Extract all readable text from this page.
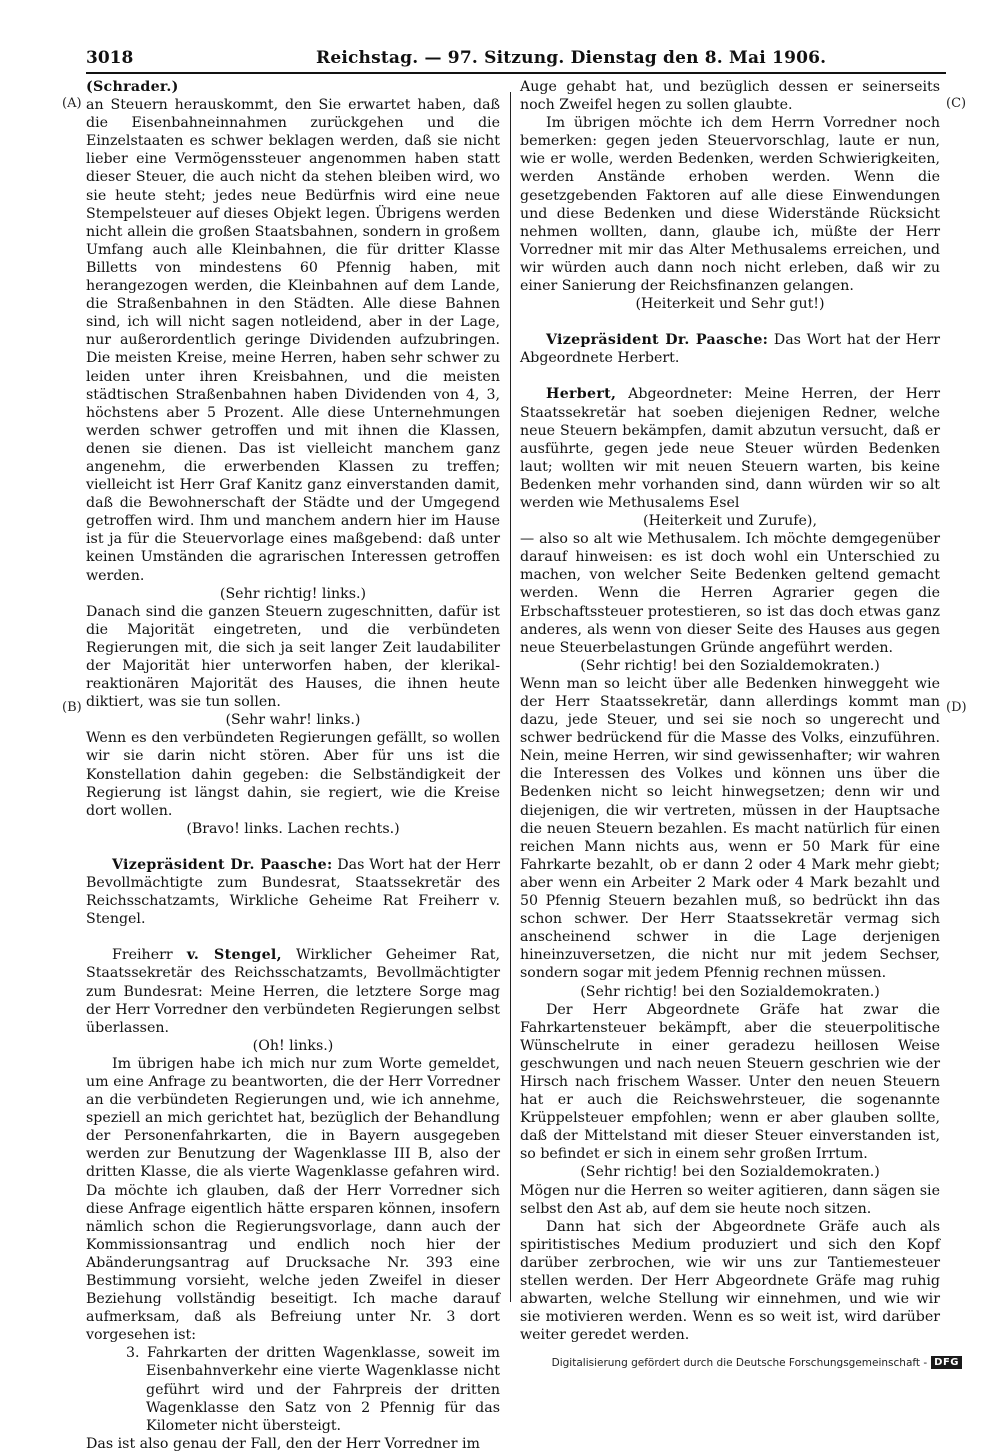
3018	Reichstag. — 97. Sitzung. Dienstag den 8. Mai 1906.
(A)
(B)
(C)
(D)

(Schrader.)

an Steuern herauskommt, den Sie erwartet haben, daß die Eisenbahneinnahmen zurückgehen und die Einzelstaaten es schwer beklagen werden, daß sie nicht lieber eine Vermögenssteuer angenommen haben statt dieser Steuer, die auch nicht da stehen bleiben wird, wo sie heute steht; jedes neue Bedürfnis wird eine neue Stempelsteuer auf dieses Objekt legen. Übrigens werden nicht allein die großen Staatsbahnen, sondern in großem Umfang auch alle Kleinbahnen, die für dritter Klasse Billetts von mindestens 60 Pfennig haben, mit herangezogen werden, die Kleinbahnen auf dem Lande, die Straßenbahnen in den Städten. Alle diese Bahnen sind, ich will nicht sagen notleidend, aber in der Lage, nur außerordentlich geringe Dividenden aufzubringen. Die meisten Kreise, meine Herren, haben sehr schwer zu leiden unter ihren Kreisbahnen, und die meisten städtischen Straßenbahnen haben Dividenden von 4, 3, höchstens aber 5 Prozent. Alle diese Unternehmungen werden schwer getroffen und mit ihnen die Klassen, denen sie dienen. Das ist vielleicht manchem ganz angenehm, die erwerbenden Klassen zu treffen; vielleicht ist Herr Graf Kanitz ganz einverstanden damit, daß die Bewohnerschaft der Städte und der Umgegend getroffen wird. Ihm und manchem andern hier im Hause ist ja für die Steuervorlage eines maßgebend: daß unter keinen Umständen die agrarischen Interessen getroffen werden.

(Sehr richtig! links.)

Danach sind die ganzen Steuern zugeschnitten, dafür ist die Majorität eingetreten, und die verbündeten Regierungen mit, die sich ja seit langer Zeit laudabiliter der Majorität hier unterworfen haben, der klerikal-reaktionären Majorität des Hauses, die ihnen heute diktiert, was sie tun sollen.

(Sehr wahr! links.)

Wenn es den verbündeten Regierungen gefällt, so wollen wir sie darin nicht stören. Aber für uns ist die Konstellation dahin gegeben: die Selbständigkeit der Regierung ist längst dahin, sie regiert, wie die Kreise dort wollen.

(Bravo! links. Lachen rechts.)

Vizepräsident Dr. Paasche: Das Wort hat der Herr Bevollmächtigte zum Bundesrat, Staatssekretär des Reichsschatzamts, Wirkliche Geheime Rat Freiherr v. Stengel.

Freiherr v. Stengel, Wirklicher Geheimer Rat, Staatssekretär des Reichsschatzamts, Bevollmächtigter zum Bundesrat: Meine Herren, die letztere Sorge mag der Herr Vorredner den verbündeten Regierungen selbst überlassen.

(Oh! links.)

Im übrigen habe ich mich nur zum Worte gemeldet, um eine Anfrage zu beantworten, die der Herr Vorredner an die verbündeten Regierungen und, wie ich annehme, speziell an mich gerichtet hat, bezüglich der Behandlung der Personenfahrkarten, die in Bayern ausgegeben werden zur Benutzung der Wagenklasse III B, also der dritten Klasse, die als vierte Wagenklasse gefahren wird. Da möchte ich glauben, daß der Herr Vorredner sich diese Anfrage eigentlich hätte ersparen können, insofern nämlich schon die Regierungsvorlage, dann auch der Kommissionsantrag und endlich noch hier der Abänderungsantrag auf Drucksache Nr. 393 eine Bestimmung vorsieht, welche jeden Zweifel in dieser Beziehung vollständig beseitigt. Ich mache darauf aufmerksam, daß als Befreiung unter Nr. 3 dort vorgesehen ist:

3. Fahrkarten der dritten Wagenklasse, soweit im Eisenbahnverkehr eine vierte Wagenklasse nicht geführt wird und der Fahrpreis der dritten Wagenklasse den Satz von 2 Pfennig für das Kilometer nicht übersteigt.

Das ist also genau der Fall, den der Herr Vorredner im

Auge gehabt hat, und bezüglich dessen er seinerseits noch Zweifel hegen zu sollen glaubte.

Im übrigen möchte ich dem Herrn Vorredner noch bemerken: gegen jeden Steuervorschlag, laute er nun, wie er wolle, werden Bedenken, werden Schwierigkeiten, werden Anstände erhoben werden. Wenn die gesetzgebenden Faktoren auf alle diese Einwendungen und diese Bedenken und diese Widerstände Rücksicht nehmen wollten, dann, glaube ich, müßte der Herr Vorredner mit mir das Alter Methusalems erreichen, und wir würden auch dann noch nicht erleben, daß wir zu einer Sanierung der Reichsfinanzen gelangen.

(Heiterkeit und Sehr gut!)

Vizepräsident Dr. Paasche: Das Wort hat der Herr Abgeordnete Herbert.

Herbert, Abgeordneter: Meine Herren, der Herr Staatssekretär hat soeben diejenigen Redner, welche neue Steuern bekämpfen, damit abzutun versucht, daß er ausführte, gegen jede neue Steuer würden Bedenken laut; wollten wir mit neuen Steuern warten, bis keine Bedenken mehr vorhanden sind, dann würden wir so alt werden wie Methusalems Esel

(Heiterkeit und Zurufe),

— also so alt wie Methusalem. Ich möchte demgegenüber darauf hinweisen: es ist doch wohl ein Unterschied zu machen, von welcher Seite Bedenken geltend gemacht werden. Wenn die Herren Agrarier gegen die Erbschaftssteuer protestieren, so ist das doch etwas ganz anderes, als wenn von dieser Seite des Hauses aus gegen neue Steuerbelastungen Gründe angeführt werden.

(Sehr richtig! bei den Sozialdemokraten.)

Wenn man so leicht über alle Bedenken hinweggeht wie der Herr Staatssekretär, dann allerdings kommt man dazu, jede Steuer, und sei sie noch so ungerecht und schwer bedrückend für die Masse des Volks, einzuführen. Nein, meine Herren, wir sind gewissenhafter; wir wahren die Interessen des Volkes und können uns über die Bedenken nicht so leicht hinwegsetzen; denn wir und diejenigen, die wir vertreten, müssen in der Hauptsache die neuen Steuern bezahlen. Es macht natürlich für einen reichen Mann nichts aus, wenn er 50 Mark für eine Fahrkarte bezahlt, ob er dann 2 oder 4 Mark mehr giebt; aber wenn ein Arbeiter 2 Mark oder 4 Mark bezahlt und 50 Pfennig Steuern bezahlen muß, so bedrückt ihn das schon schwer. Der Herr Staatssekretär vermag sich anscheinend schwer in die Lage derjenigen hineinzuversetzen, die nicht nur mit jedem Sechser, sondern sogar mit jedem Pfennig rechnen müssen.

(Sehr richtig! bei den Sozialdemokraten.)

Der Herr Abgeordnete Gräfe hat zwar die Fahrkartensteuer bekämpft, aber die steuerpolitische Wünschelrute in einer geradezu heillosen Weise geschwungen und nach neuen Steuern geschrien wie der Hirsch nach frischem Wasser. Unter den neuen Steuern hat er auch die Reichswehrsteuer, die sogenannte Krüppelsteuer empfohlen; wenn er aber glauben sollte, daß der Mittelstand mit dieser Steuer einverstanden ist, so befindet er sich in einem sehr großen Irrtum.

(Sehr richtig! bei den Sozialdemokraten.)

Mögen nur die Herren so weiter agitieren, dann sägen sie selbst den Ast ab, auf dem sie heute noch sitzen.

Dann hat sich der Abgeordnete Gräfe auch als spiritistisches Medium produziert und sich den Kopf darüber zerbrochen, wie wir uns zur Tantiemesteuer stellen werden. Der Herr Abgeordnete Gräfe mag ruhig abwarten, welche Stellung wir einnehmen, und wie wir sie motivieren werden. Wenn es so weit ist, wird darüber weiter geredet werden.

Digitalisierung gefördert durch die Deutsche Forschungsgemeinschaft - DFG
